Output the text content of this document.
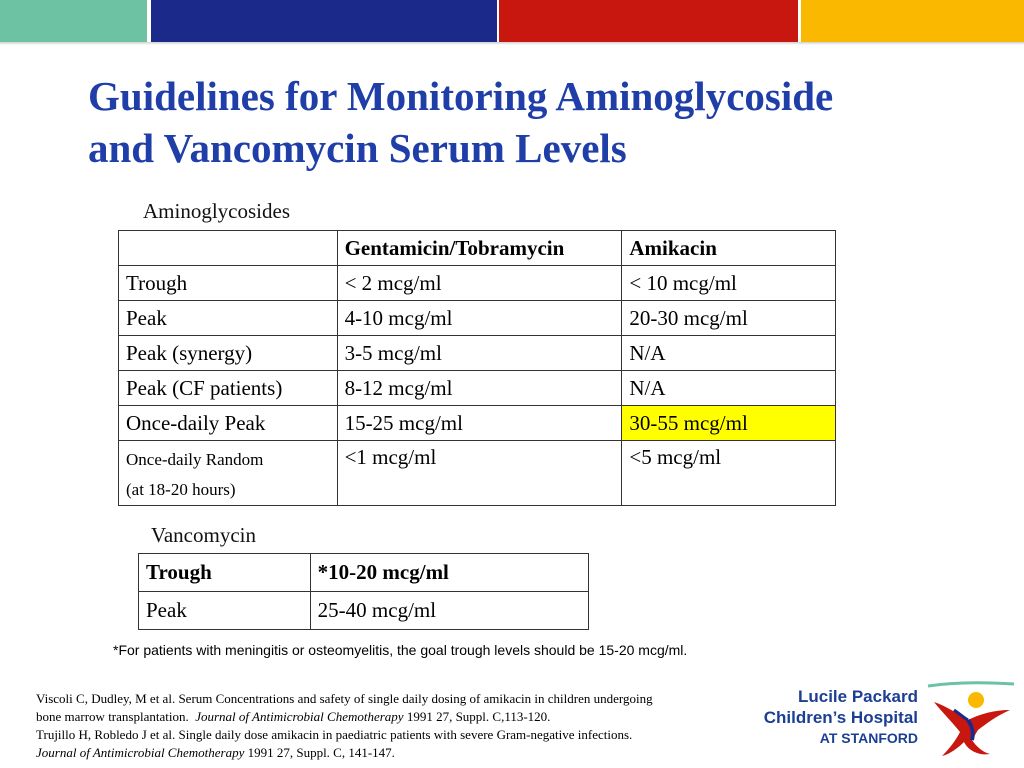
Guidelines for Monitoring Aminoglycoside
and Vancomycin Serum Levels
Aminoglycosides
	Gentamicin/Tobramycin	Amikacin
Trough	< 2 mcg/ml	< 10 mcg/ml
Peak	4-10 mcg/ml	20-30 mcg/ml
Peak (synergy)	3-5 mcg/ml	N/A
Peak (CF patients)	8-12 mcg/ml	N/A
Once-daily Peak	15-25 mcg/ml	30-55 mcg/ml

Once-daily Random
(at 18-20 hours)	<1 mcg/ml	<5 mcg/ml
Vancomycin
Trough	*10-20 mcg/ml
Peak	25-40 mcg/ml
*For patients with meningitis or osteomyelitis, the goal trough levels should be 15-20 mcg/ml.
Viscoli C, Dudley, M et al. Serum Concentrations and safety of single daily dosing of amikacin in children undergoing
bone marrow transplantation. Journal of Antimicrobial Chemotherapy 1991 27, Suppl. C,113-120.
Trujillo H, Robledo J et al. Single daily dose amikacin in paediatric patients with severe Gram-negative infections.
Journal of Antimicrobial Chemotherapy 1991 27, Suppl. C, 141-147.
Lucile Packard
Children’s Hospital
AT STANFORD
